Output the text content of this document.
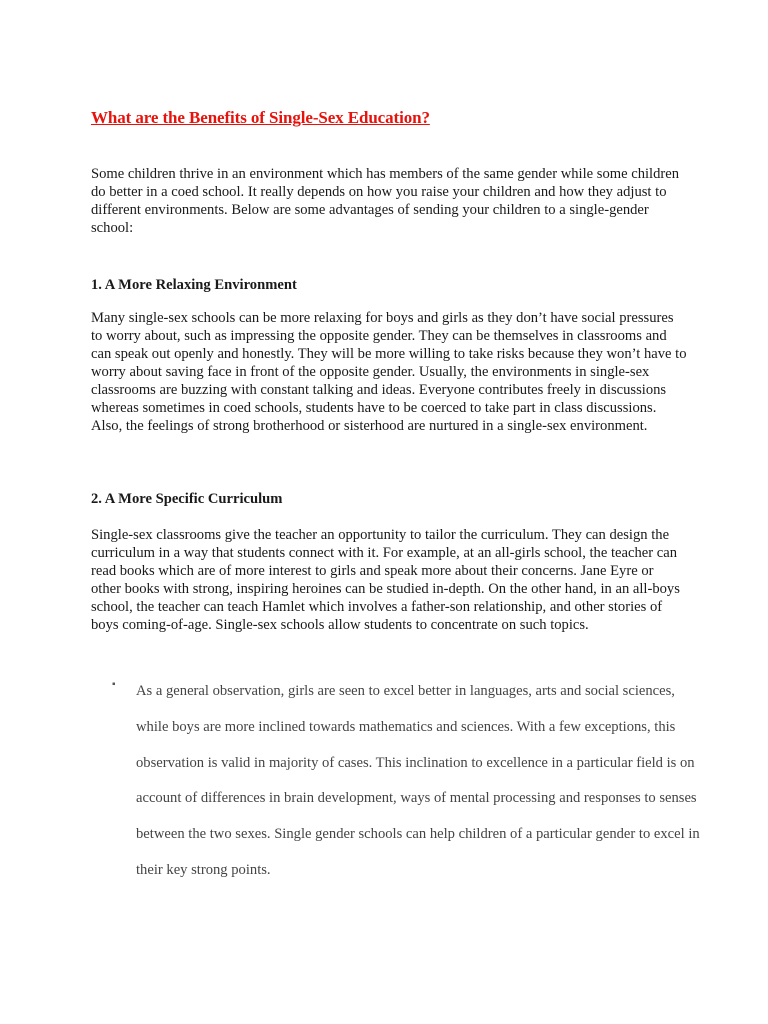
What are the Benefits of Single-Sex Education?

Some children thrive in an environment which has members of the same gender while some children do better in a coed school. It really depends on how you raise your children and how they adjust to different environments. Below are some advantages of sending your children to a single-gender school:

1. A More Relaxing Environment

Many single-sex schools can be more relaxing for boys and girls as they don’t have social pressures to worry about, such as impressing the opposite gender. They can be themselves in classrooms and can speak out openly and honestly. They will be more willing to take risks because they won’t have to worry about saving face in front of the opposite gender. Usually, the environments in single-sex classrooms are buzzing with constant talking and ideas. Everyone contributes freely in discussions whereas sometimes in coed schools, students have to be coerced to take part in class discussions. Also, the feelings of strong brotherhood or sisterhood are nurtured in a single-sex environment.

2. A More Specific Curriculum

Single-sex classrooms give the teacher an opportunity to tailor the curriculum. They can design the curriculum in a way that students connect with it. For example, at an all-girls school, the teacher can read books which are of more interest to girls and speak more about their concerns. Jane Eyre or other books with strong, inspiring heroines can be studied in-depth. On the other hand, in an all-boys school, the teacher can teach Hamlet which involves a father-son relationship, and other stories of boys coming-of-age. Single-sex schools allow students to concentrate on such topics.

▪ As a general observation, girls are seen to excel better in languages, arts and social sciences, while boys are more inclined towards mathematics and sciences. With a few exceptions, this observation is valid in majority of cases. This inclination to excellence in a particular field is on account of differences in brain development, ways of mental processing and responses to senses between the two sexes. Single gender schools can help children of a particular gender to excel in their key strong points.
